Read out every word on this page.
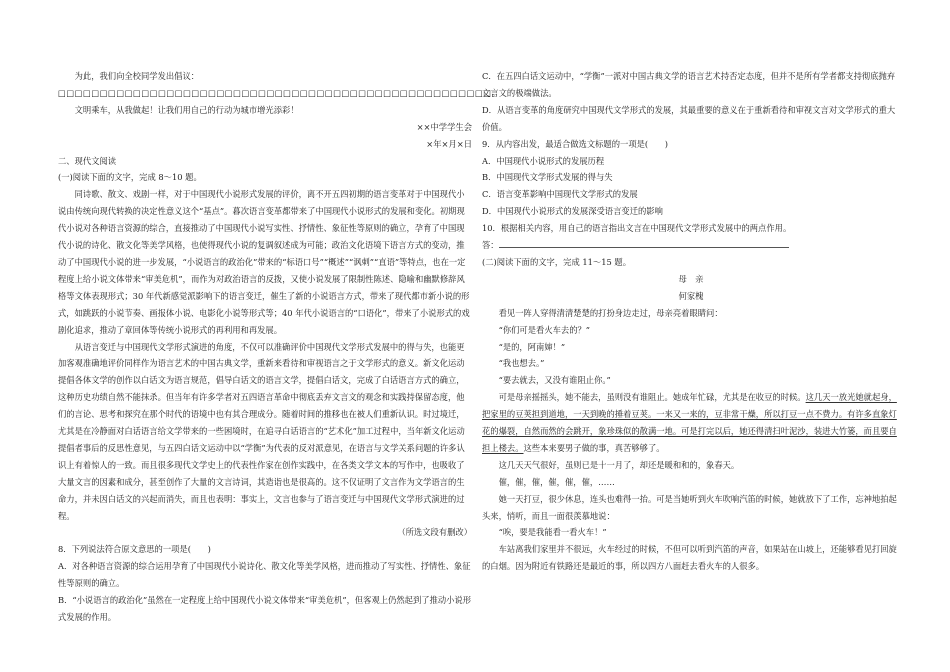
为此，我们向全校同学发出倡议：

□□□□□□□□□□□□□□□□□□□□□□□□□□□□□□□□□□□□□□□□□□□□□□□□□□□□。

文明乘车，从我做起！让我们用自己的行动为城市增光添彩！

××中学学生会

×年×月×日

二、现代文阅读

(一)阅读下面的文字，完成 8～10 题。

同诗歌、散文、戏剧一样，对于中国现代小说形式发展的评价，离不开五四初期的语言变革对于中国现代小说由传统向现代转换的决定性意义这个“基点”。暮次语言变革都带来了中国现代小说形式的发展和变化。初期现代小说对各种语言资源的综合，直接推动了中国现代小说写实性、抒情性、象征性等原则的确立，孕育了中国现代小说的诗化、散文化等美学风格，也使得现代小说的复调叙述成为可能；政治文化语境下语言方式的变动，推动了中国现代小说的进一步发展，“小说语言的政治化”带来的“标语口号”“概述”“讽刺”“直语”等特点，也在一定程度上给小说文体带来“审美危机”，而作为对政治语言的反拨，又使小说发展了限制性陈述、隐喻和幽默修辞风格等文体表现形式；30 年代新感觉派影响下的语言变迁，催生了新的小说语言方式，带来了现代都市新小说的形式，如跳跃的小说节奏、画报体小说、电影化小说等形式等；40 年代小说语言的“口语化”，带来了小说形式的戏剧化追求，推动了章回体等传统小说形式的再利用和再发展。

从语言变迁与中国现代文学形式演进的角度，不仅可以准确评价中国现代文学形式发展中的得与失，也能更加客观准确地评价同样作为语言艺术的中国古典文学，重新来看待和审视语言之于文学形式的意义。新文化运动提倡各体文学的创作以白话文为语言规范，倡导白话文的语言文学，提倡白话文，完成了白话语言方式的确立，这种历史功绩自然不能抹杀。但当年有许多学者对五四语言革命中彻底丢弃文言文的观念和实践持保留态度，他们的言论、思考和探究在那个时代的语境中也有其合理成分。随着时间的推移也在被人们重新认识。时过境迁，尤其是在冷静面对白话语言给文学带来的一些困境时，在追寻白话语言的“艺术化”加工过程中，当年新文化运动提倡者事后的反思性意见，与五四白话文运动中以“学衡”为代表的反对派意见，在语言与文学关系问题的许多认识上有着惊人的一致。而且很多现代文学史上的代表性作家在创作实践中，在各类文学文本的写作中，也吸收了大量文言的因素和成分，甚至创作了大量的文言诗词，其造诣也是很高的。这不仅证明了文言作为文学语言的生命力，并未因白话文的兴起而消失，而且也表明：事实上，文言也参与了语言变迁与中国现代文学形式演进的过程。

（所选文段有删改）

8．下列说法符合原文意思的一项是(　　)

A．对各种语言资源的综合运用孕育了中国现代小说诗化、散文化等美学风格，进而推动了写实性、抒情性、象征性等原则的确立。

B．“小说语言的政治化”虽然在一定程度上给中国现代小说文体带来“审美危机”，但客观上仍然起到了推动小说形式发展的作用。

C．在五四白话文运动中，“学衡”一派对中国古典文学的语言艺术持否定态度，但并不是所有学者都支持彻底抛弃文言文的极端做法。

D．从语言变革的角度研究中国现代文学形式的发展，其最重要的意义在于重新看待和审视文言对文学形式的重大价值。

9．从内容出发，最适合做选文标题的一项是(　　)

A．中国现代小说形式的发展历程

B．中国现代文学形式发展的得与失

C．语言变革影响中国现代文学形式的发展

D．中国现代小说形式的发展深受语言变迁的影响

10．根据相关内容，用自己的语言指出文言在中国现代文学形式发展中的两点作用。

答：

(二)阅读下面的文字，完成 11～15 题。

母　亲

何家槐

看见一阵人穿得清清楚楚的打扮身边走过，母亲亮着眼睛问：

“你们可是看火车去的？”

“是的，阿南婶！”

“我也想去。”

“要去就去，又没有谁阻止你。”

可是母亲摇摇头，她不能去，虽则没有谁阻止。她成年忙碌，尤其是在收豆的时候。这几天一放光她就起身，把家里的豆荚担到道地，一天到晚的捶着豆荚。一来又一来的，豆非常干燥，所以打豆一点不费力。有许多直象灯花的爆裂，自然而然的会跳开，象珍珠似的散满一地。可是打完以后，她还得清扫叶泥沙，装进大竹篓，而且要自担上楼去。这些本来要男子做的事，真苦够够了。

这几天天气很好，虽则已是十一月了，却还是暖和和的，象春天。

催，催，催，催，催，催，……

她一天打豆，很少休息，连头也难得一抬。可是当她听到火车吹响汽笛的时候，她就放下了工作，忘神地拍起头来，悄听，而且一面很羡慕地说：

“唉，要是我能看一看火车！”

车站离我们家里并不很远，火车经过的时候，不但可以听到汽笛的声音，如果站在山坡上，还能够看见打回旋的白烟。因为附近有铁路还是最近的事，所以四方八面赶去看火车的人很多。
